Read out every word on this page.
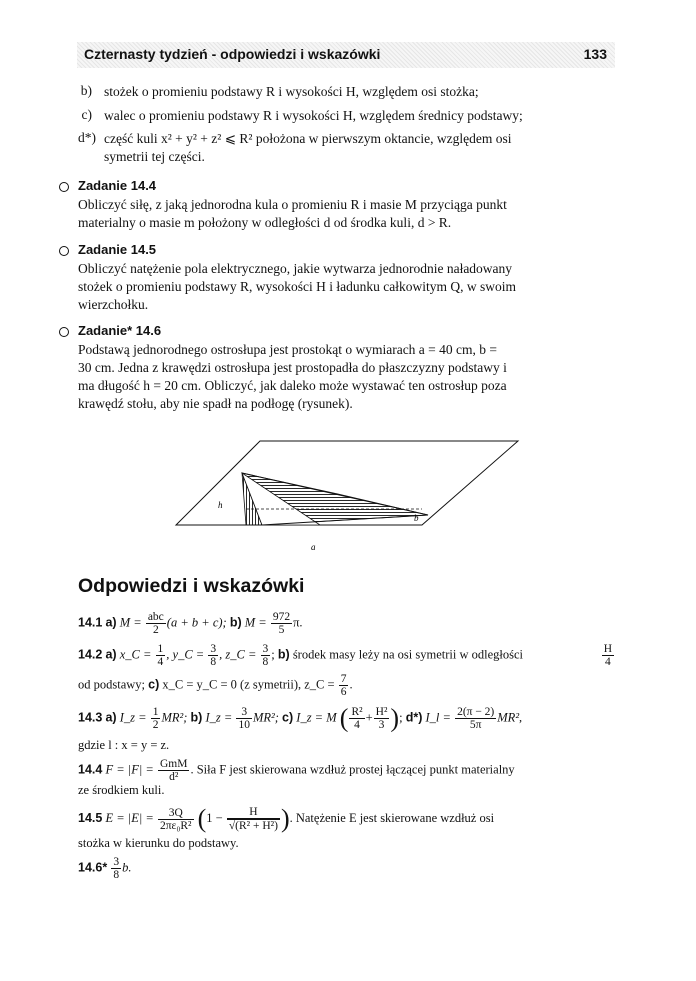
Czternasty tydzień - odpowiedzi i wskazówki	133
b) stożek o promieniu podstawy R i wysokości H, względem osi stożka;
c) walec o promieniu podstawy R i wysokości H, względem średnicy podstawy;
d*) część kuli x² + y² + z² ⩽ R² położona w pierwszym oktancie, względem osi
symetrii tej części.
Zadanie 14.4
Obliczyć siłę, z jaką jednorodna kula o promieniu R i masie M przyciąga punkt
materialny o masie m położony w odległości d od środka kuli, d > R.
Zadanie 14.5
Obliczyć natężenie pola elektrycznego, jakie wytwarza jednorodnie naładowany
stożek o promieniu podstawy R, wysokości H i ładunku całkowitym Q, w swoim
wierzchołku.
Zadanie* 14.6
Podstawą jednorodnego ostrosłupa jest prostokąt o wymiarach a = 40 cm, b =
30 cm. Jedna z krawędzi ostrosłupa jest prostopadła do płaszczyzny podstawy i
ma długość h = 20 cm. Obliczyć, jak daleko może wystawać ten ostrosłup poza
krawędź stołu, aby nie spadł na podłogę (rysunek).
h
b
a
Odpowiedzi i wskazówki
14.1 a) M = abc
2
(a + b + c); b) $M = \frac{972}{5} \pi$.
14.2 a) x_C = $\frac{1}{4}$ , y_C = $\frac{3}{8}$ , z_C = $\frac{3}{8}$ ; b) środek masy leży na osi symetrii w odległości	H
4
od podstawy; c) x_C = y_C = 0 (z symetrii), z_C = $\frac{7}{6}$ .
14.3 a) I_z = $\frac{1}{2} MR^2$; b) I_z = $\frac{3}{10} MR^2$; c) I_z = M ( $\frac{\text{R²}}{4} + \frac{\text{H²}}{3}$ ); d*) I_l = $\frac{2(\pi - 2)}{5\pi} MR^2$,
gdzie l : x = y = z.
14.4 F = |F| = GmM
d²
. Siła F jest skierowana wzdłuż prostej łączącej punkt materialny
ze środkiem kuli.
14.5 $E = |E| = \frac{3Q}{\text{2πε₀R²}} (1 - \frac{H}{\text{√(R² + H²)}}$ ). Natężenie E jest skierowane wzdłuż osi
stożka w kierunku do podstawy.
$14.6* \frac{3}{8} b$.
